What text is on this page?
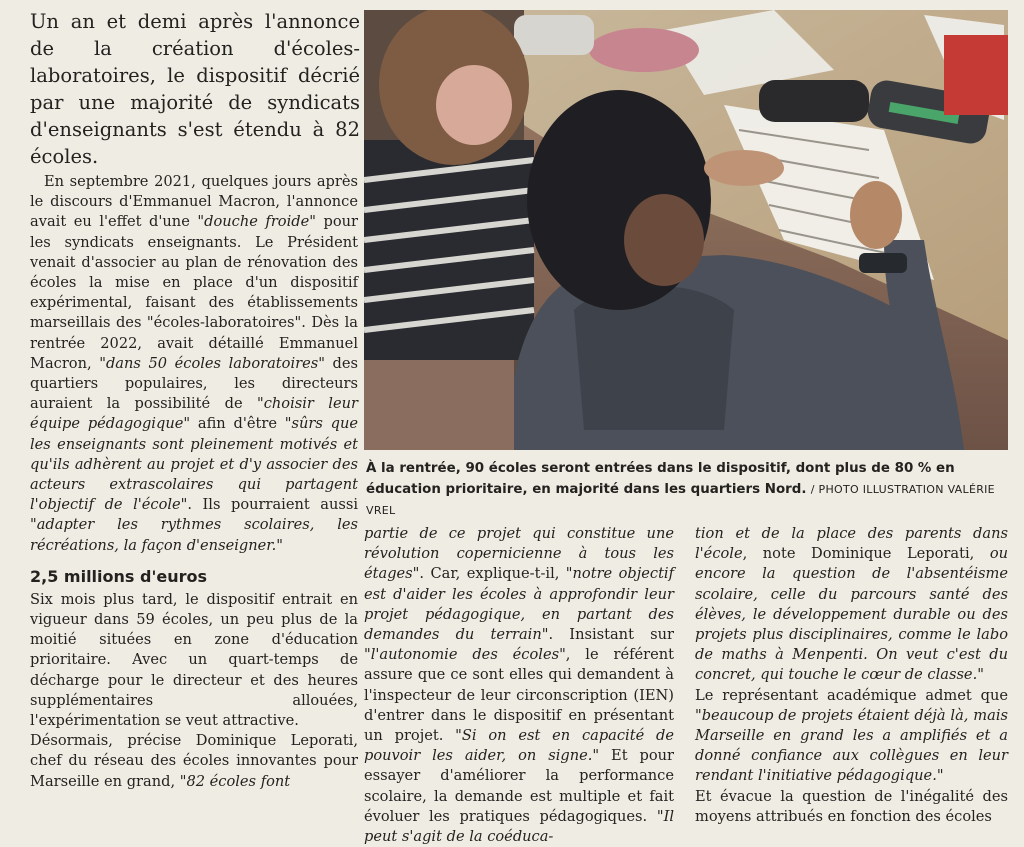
Un an et demi après l'annonce de la création d'écoles-laboratoires, le dispositif décrié par une majorité de syndicats d'enseignants s'est étendu à 82 écoles.
À la rentrée, 90 écoles seront entrées dans le dispositif, dont plus de 80 % en éducation prioritaire, en majorité dans les quartiers Nord. / PHOTO ILLUSTRATION VALÉRIE VREL

En septembre 2021, quelques jours après le discours d'Emmanuel Macron, l'annonce avait eu l'effet d'une "douche froide" pour les syndicats enseignants. Le Président venait d'associer au plan de rénovation des écoles la mise en place d'un dispositif expérimental, faisant des établissements marseillais des "écoles-laboratoires". Dès la rentrée 2022, avait détaillé Emmanuel Macron, "dans 50 écoles laboratoires" des quartiers populaires, les directeurs auraient la possibilité de "choisir leur équipe pédagogique" afin d'être "sûrs que les enseignants sont pleinement motivés et qu'ils adhèrent au projet et d'y associer des acteurs extrascolaires qui partagent l'objectif de l'école". Ils pourraient aussi "adapter les rythmes scolaires, les récréations, la façon d'enseigner."

2,5 millions d'euros

Six mois plus tard, le dispositif entrait en vigueur dans 59 écoles, un peu plus de la moitié situées en zone d'éducation prioritaire. Avec un quart-temps de décharge pour le directeur et des heures supplémentaires allouées, l'expérimentation se veut attractive.

Désormais, précise Dominique Leporati, chef du réseau des écoles innovantes pour Marseille en grand, "82 écoles font

partie de ce projet qui constitue une révolution copernicienne à tous les étages". Car, explique-t-il, "notre objectif est d'aider les écoles à approfondir leur projet pédagogique, en partant des demandes du terrain". Insistant sur "l'autonomie des écoles", le référent assure que ce sont elles qui demandent à l'inspecteur de leur circonscription (IEN) d'entrer dans le dispositif en présentant un projet. "Si on est en capacité de pouvoir les aider, on signe." Et pour essayer d'améliorer la performance scolaire, la demande est multiple et fait évoluer les pratiques pédagogiques. "Il peut s'agit de la coéduca-

tion et de la place des parents dans l'école, note Dominique Leporati, ou encore la question de l'absentéisme scolaire, celle du parcours santé des élèves, le développement durable ou des projets plus disciplinaires, comme le labo de maths à Menpenti. On veut c'est du concret, qui touche le cœur de classe."

Le représentant académique admet que "beaucoup de projets étaient déjà là, mais Marseille en grand les a amplifiés et a donné confiance aux collègues en leur rendant l'initiative pédagogique."

Et évacue la question de l'inégalité des moyens attribués en fonction des écoles
